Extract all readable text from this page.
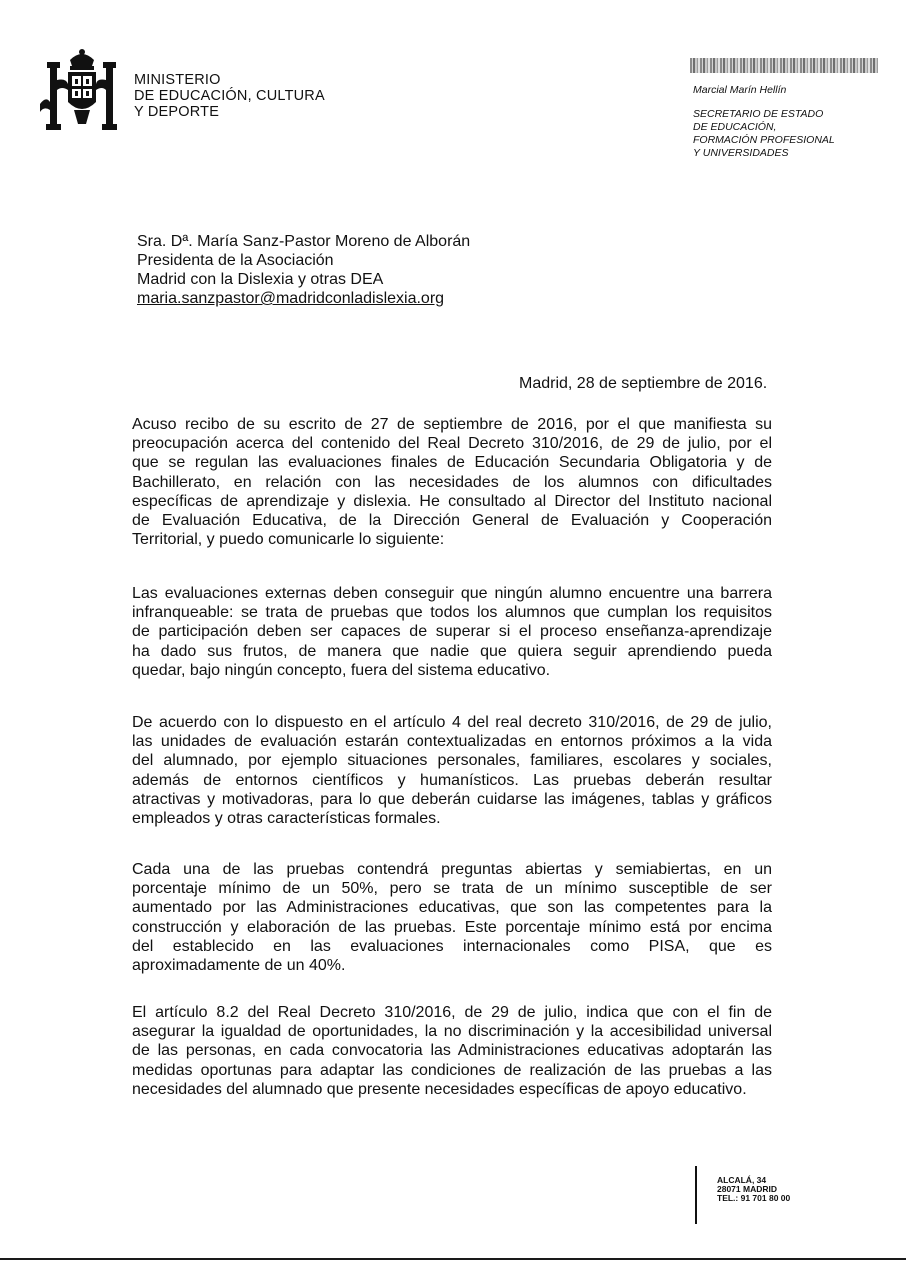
MINISTERIO
DE EDUCACIÓN, CULTURA
Y DEPORTE
Marcial Marín Hellín
SECRETARIO DE ESTADO
DE EDUCACIÓN,
FORMACIÓN PROFESIONAL
Y UNIVERSIDADES
Sra. Dª. María Sanz-Pastor Moreno de Alborán
Presidenta de la Asociación
Madrid con la Dislexia y otras DEA
maria.sanzpastor@madridconladislexia.org
Madrid, 28 de septiembre de 2016.
Acuso recibo de su escrito de 27 de septiembre de 2016, por el que manifiesta su
preocupación acerca del contenido del Real Decreto 310/2016, de 29 de julio, por el
que se regulan las evaluaciones finales de Educación Secundaria Obligatoria y de
Bachillerato, en relación con las necesidades de los alumnos con dificultades
específicas de aprendizaje y dislexia. He consultado al Director del Instituto nacional
de Evaluación Educativa, de la Dirección General de Evaluación y Cooperación
Territorial, y puedo comunicarle lo siguiente:
Las evaluaciones externas deben conseguir que ningún alumno encuentre una barrera
infranqueable: se trata de pruebas que todos los alumnos que cumplan los requisitos
de participación deben ser capaces de superar si el proceso enseñanza-aprendizaje
ha dado sus frutos, de manera que nadie que quiera seguir aprendiendo pueda
quedar, bajo ningún concepto, fuera del sistema educativo.
De acuerdo con lo dispuesto en el artículo 4 del real decreto 310/2016, de 29 de julio,
las unidades de evaluación estarán contextualizadas en entornos próximos a la vida
del alumnado, por ejemplo situaciones personales, familiares, escolares y sociales,
además de entornos científicos y humanísticos. Las pruebas deberán resultar
atractivas y motivadoras, para lo que deberán cuidarse las imágenes, tablas y gráficos
empleados y otras características formales.
Cada una de las pruebas contendrá preguntas abiertas y semiabiertas, en un
porcentaje mínimo de un 50%, pero se trata de un mínimo susceptible de ser
aumentado por las Administraciones educativas, que son las competentes para la
construcción y elaboración de las pruebas. Este porcentaje mínimo está por encima
del establecido en las evaluaciones internacionales como PISA, que es
aproximadamente de un 40%.
El artículo 8.2 del Real Decreto 310/2016, de 29 de julio, indica que con el fin de
asegurar la igualdad de oportunidades, la no discriminación y la accesibilidad universal
de las personas, en cada convocatoria las Administraciones educativas adoptarán las
medidas oportunas para adaptar las condiciones de realización de las pruebas a las
necesidades del alumnado que presente necesidades específicas de apoyo educativo.
ALCALÁ, 34
28071 MADRID
TEL.: 91 701 80 00
